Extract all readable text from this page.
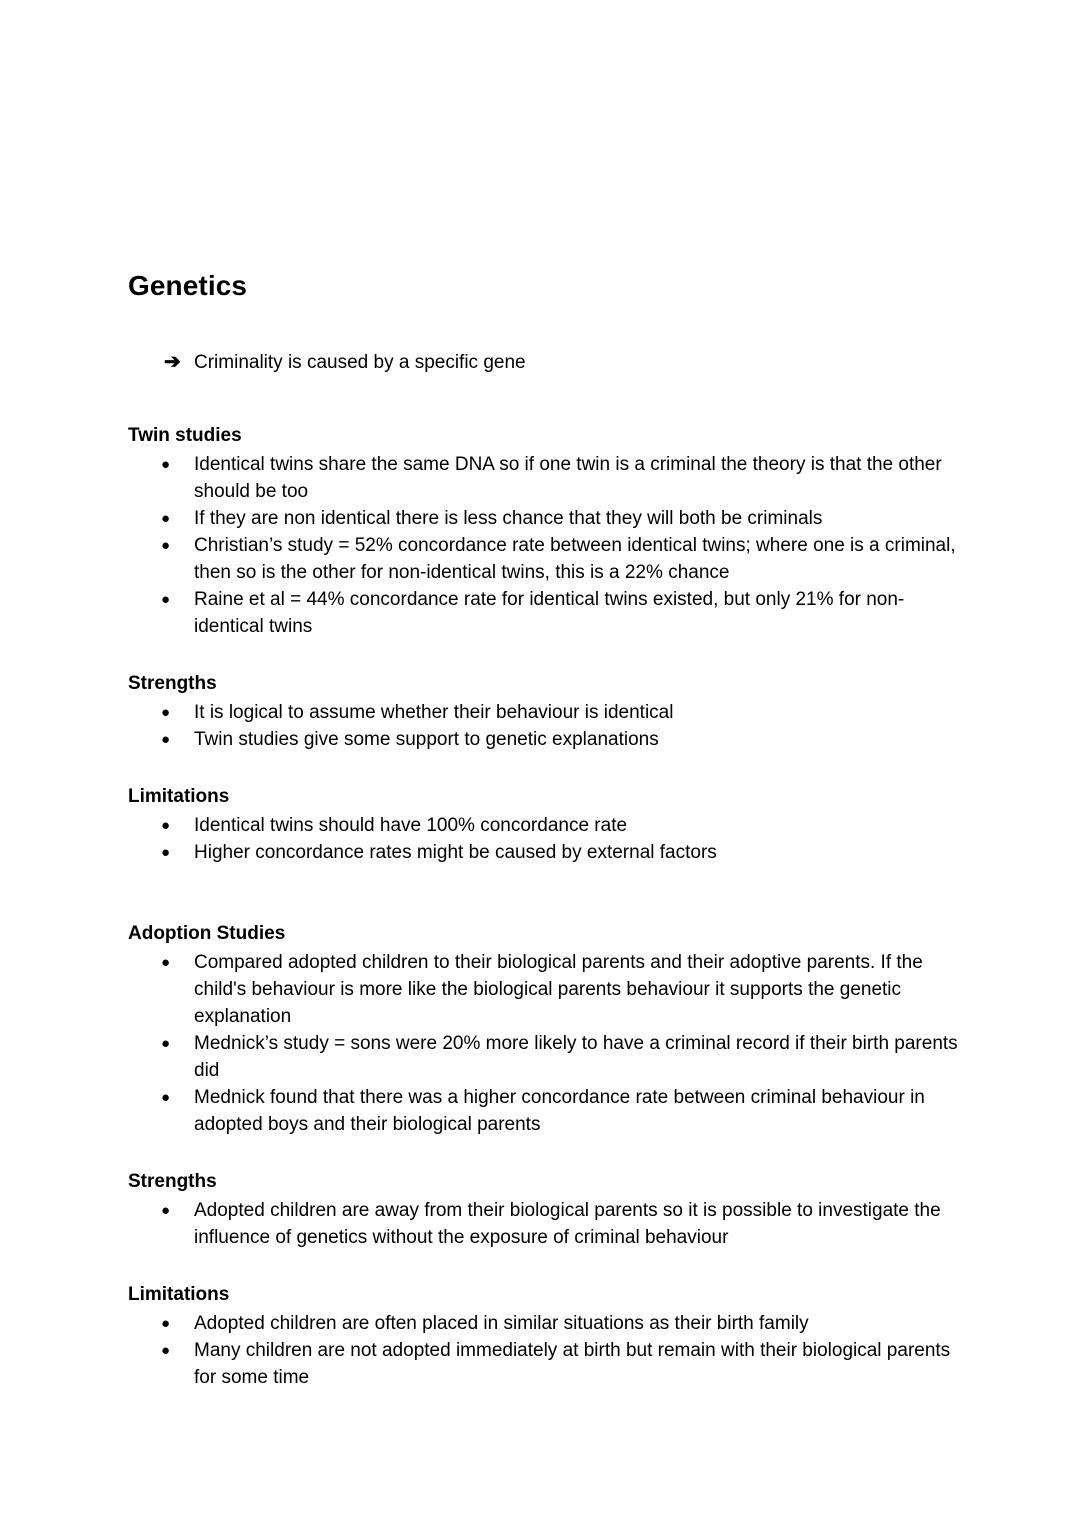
Genetics
➔ Criminality is caused by a specific gene
Twin studies
● Identical twins share the same DNA so if one twin is a criminal the theory is that the other should be too
● If they are non identical there is less chance that they will both be criminals
● Christian’s study = 52% concordance rate between identical twins; where one is a criminal, then so is the other for non-identical twins, this is a 22% chance
● Raine et al = 44% concordance rate for identical twins existed, but only 21% for non-identical twins
Strengths
● It is logical to assume whether their behaviour is identical
● Twin studies give some support to genetic explanations
Limitations
● Identical twins should have 100% concordance rate
● Higher concordance rates might be caused by external factors
Adoption Studies
● Compared adopted children to their biological parents and their adoptive parents. If the child's behaviour is more like the biological parents behaviour it supports the genetic explanation
● Mednick’s study = sons were 20% more likely to have a criminal record if their birth parents did
● Mednick found that there was a higher concordance rate between criminal behaviour in adopted boys and their biological parents
Strengths
● Adopted children are away from their biological parents so it is possible to investigate the influence of genetics without the exposure of criminal behaviour
Limitations
● Adopted children are often placed in similar situations as their birth family
● Many children are not adopted immediately at birth but remain with their biological parents for some time
